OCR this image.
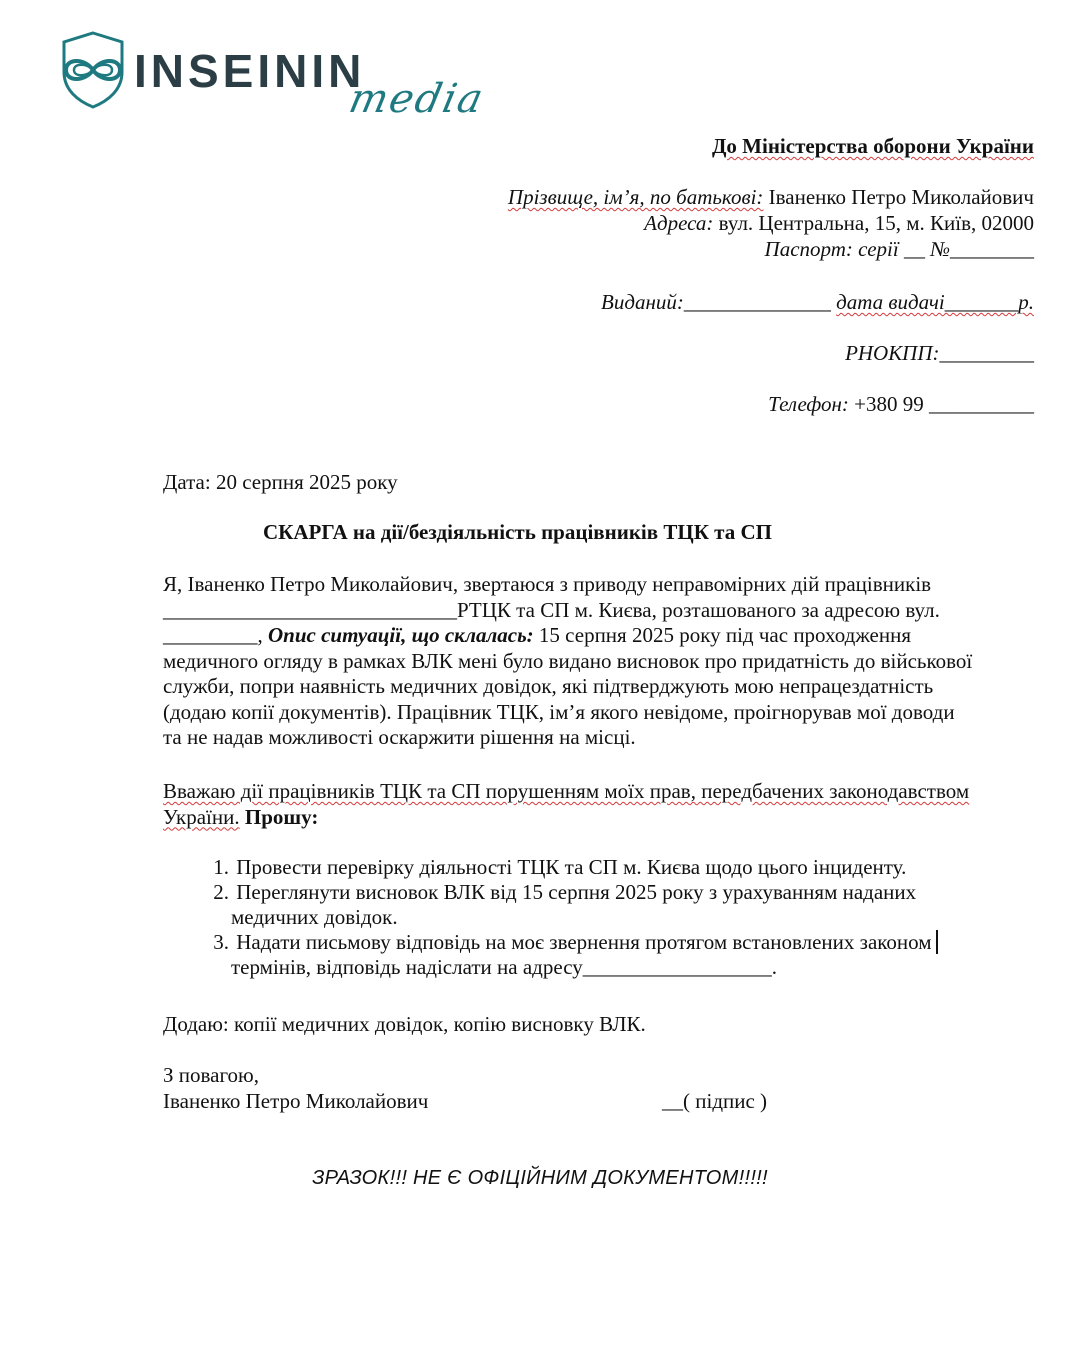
INSEININ
media
До Міністерства оборони України
Прізвище, ім’я, по батькові: Іваненко Петро Миколайович
Адреса: вул. Центральна, 15, м. Київ, 02000
Паспорт: серії __ №________
Виданий:______________ дата видачі_______р.
РНОКПП:_________
Телефон: +380 99 __________
Дата: 20 серпня 2025 року
СКАРГА на дії/бездіяльність працівників ТЦК та СП
Я, Іваненко Петро Миколайович, звертаюся з приводу неправомірних дій працівників
____________________________РТЦК та СП м. Києва, розташованого за адресою вул.
_________, Опис ситуації, що склалась: 15 серпня 2025 року під час проходження
медичного огляду в рамках ВЛК мені було видано висновок про придатність до військової
служби, попри наявність медичних довідок, які підтверджують мою непрацездатність
(додаю копії документів). Працівник ТЦК, ім’я якого невідоме, проігнорував мої доводи
та не надав можливості оскаржити рішення на місці.
Вважаю дії працівників ТЦК та СП порушенням моїх прав, передбачених законодавством
України. Прошу:
1. Провести перевірку діяльності ТЦК та СП м. Києва щодо цього інциденту.
2. Переглянути висновок ВЛК від 15 серпня 2025 року з урахуванням наданих
медичних довідок.
3. Надати письмову відповідь на моє звернення протягом встановлених законом
термінів, відповідь надіслати на адресу__________________.
Додаю: копії медичних довідок, копію висновку ВЛК.
З повагою,
Іваненко Петро Миколайович	__( підпис )
ЗРАЗОК!!! НЕ Є ОФІЦІЙНИМ ДОКУМЕНТОМ!!!!!
